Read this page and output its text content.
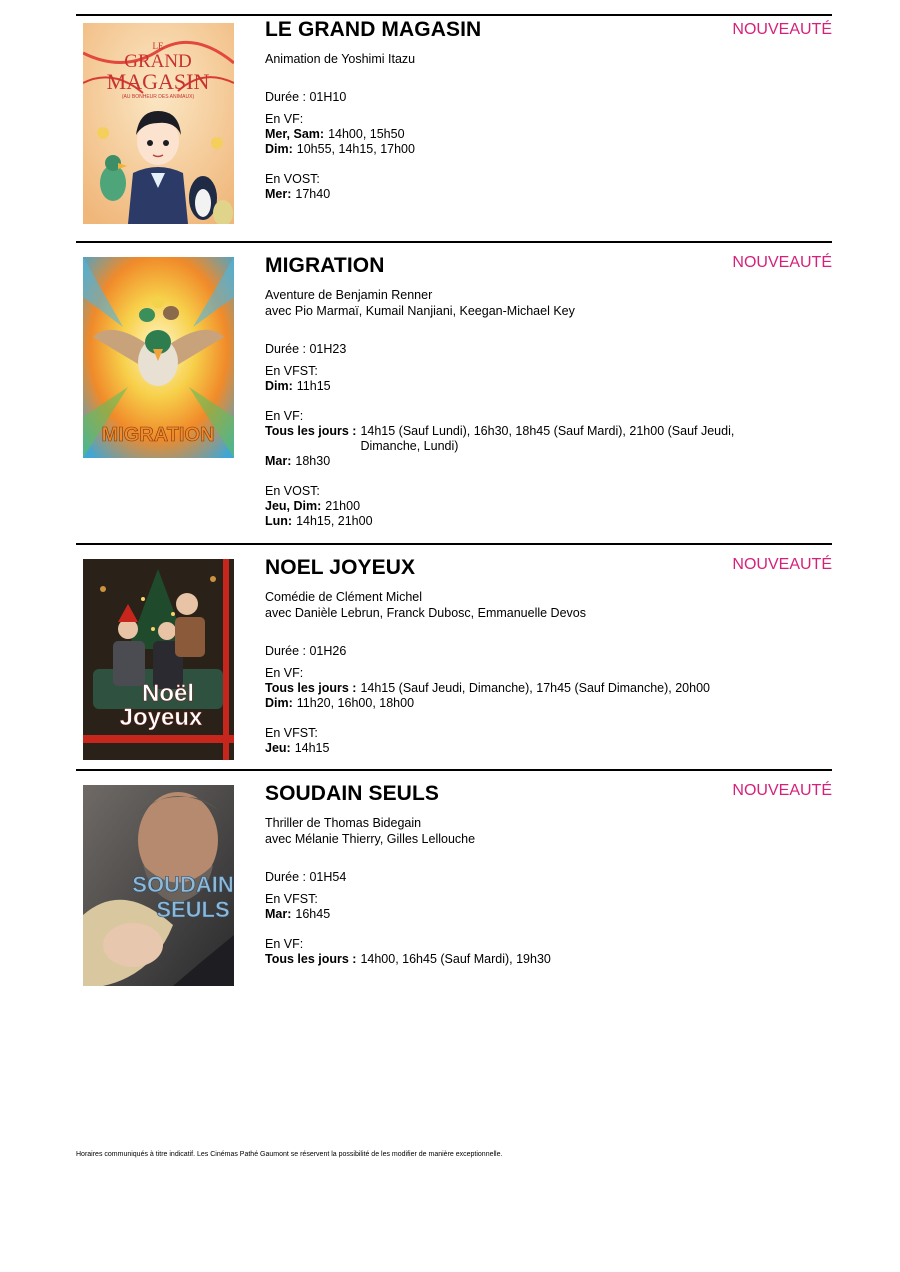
LE
GRAND
MAGASIN
(AU BONHEUR DES ANIMAUX)
LE GRAND MAGASIN
Animation de Yoshimi Itazu
Durée : 01H10
En VF:
Mer, Sam: 14h00, 15h50
Dim: 10h55, 14h15, 17h00
En VOST:
Mer: 17h40
NOUVEAUTÉ
MIGRATION
MIGRATION
Aventure de Benjamin Renner
avec Pio Marmaï, Kumail Nanjiani, Keegan-Michael Key
Durée : 01H23
En VFST:
Dim: 11h15
En VF:
Tous les jours : 14h15 (Sauf Lundi), 16h30, 18h45 (Sauf Mardi), 21h00 (Sauf Jeudi, Dimanche, Lundi)
Mar: 18h30
En VOST:
Jeu, Dim: 21h00
Lun: 14h15, 21h00
NOUVEAUTÉ
Noël
Joyeux
NOEL JOYEUX
Comédie de Clément Michel
avec Danièle Lebrun, Franck Dubosc, Emmanuelle Devos
Durée : 01H26
En VF:
Tous les jours : 14h15 (Sauf Jeudi, Dimanche), 17h45 (Sauf Dimanche), 20h00
Dim: 11h20, 16h00, 18h00
En VFST:
Jeu: 14h15
NOUVEAUTÉ
SOUDAIN
SEULS
SOUDAIN SEULS
Thriller de Thomas Bidegain
avec Mélanie Thierry, Gilles Lellouche
Durée : 01H54
En VFST:
Mar: 16h45
En VF:
Tous les jours : 14h00, 16h45 (Sauf Mardi), 19h30
NOUVEAUTÉ
Horaires communiqués à titre indicatif. Les Cinémas Pathé Gaumont se réservent la possibilité de les modifier de manière exceptionnelle.
